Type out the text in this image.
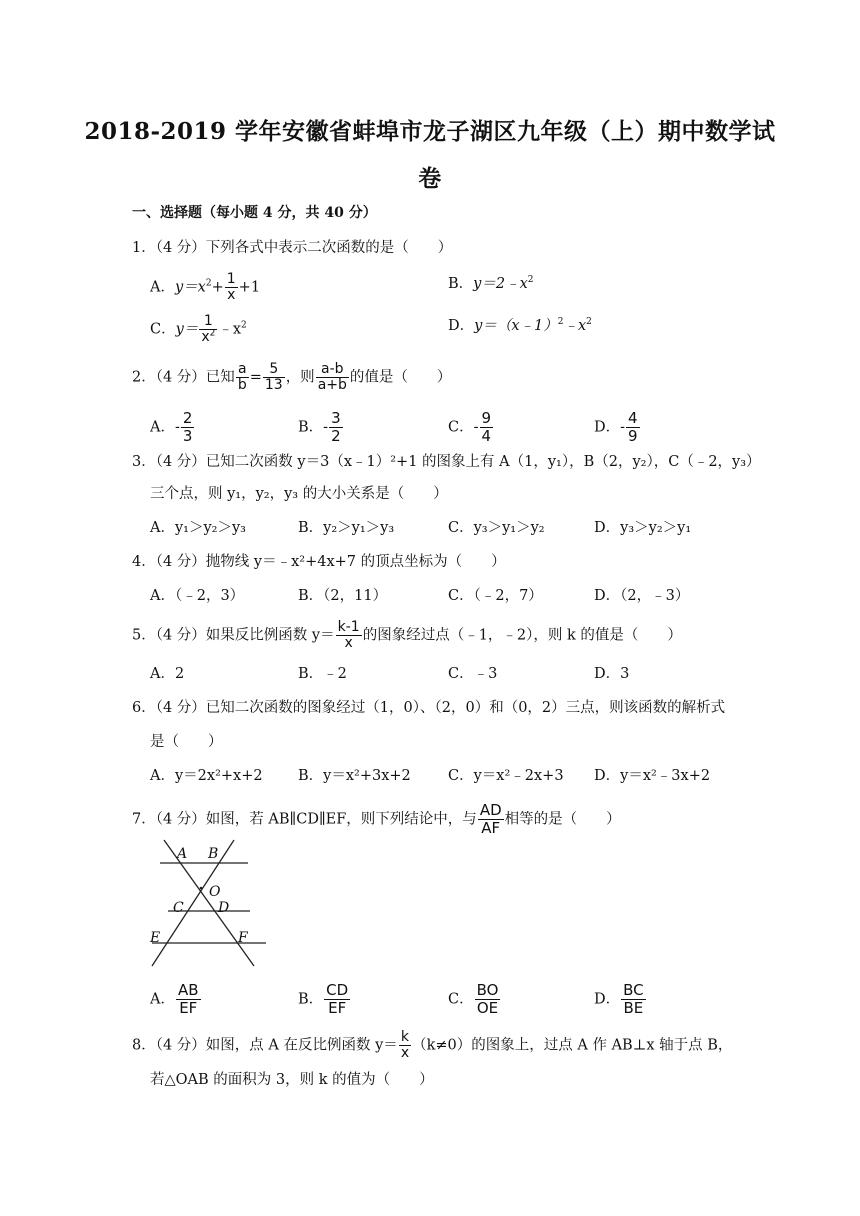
2018-2019 学年安徽省蚌埠市龙子湖区九年级（上）期中数学试
卷
一、选择题（每小题 4 分，共 40 分）
1．（4 分）下列各式中表示二次函数的是（　　）
A．$y=x^2+ \frac{1}{x} +1$	B．$y=2﹣x^2$
C．$y= \frac{1}{x^2}$ $﹣x^2$	D．$y=(x﹣1)^2﹣x^2$
2．（4 分）已知 $\frac{a}{b} = \frac{5}{13}$ ，则 $\frac{a-b}{a+b}$ 的值是（　　）
A．- $\frac{2}{3}$	B．- $\frac{3}{2}$	C．- $\frac{9}{4}$	D．- $\frac{4}{9}$
3．（4 分）已知二次函数 y＝3（x﹣1）²+1 的图象上有 A（1，y₁），B（2，y₂），C（﹣2，y₃）
三个点，则 y₁，y₂，y₃ 的大小关系是（　　）
A．y₁＞y₂＞y₃	B．y₂＞y₁＞y₃	C．y₃＞y₁＞y₂	D．y₃＞y₂＞y₁
4．（4 分）抛物线 y＝﹣x²+4x+7 的顶点坐标为（　　）
A．（﹣2，3）	B．（2，11）	C．（﹣2，7）	D．（2，﹣3）
5．（4 分）如果反比例函数 $y= \frac{k-1}{x}$ 的图象经过点（﹣1，﹣2），则 k 的值是（　　）
A．2	B．﹣2	C．﹣3	D．3
6．（4 分）已知二次函数的图象经过（1，0）、（2，0）和（0，2）三点，则该函数的解析式
是（　　）
A．y＝2x²+x+2 B．y＝x²+3x+2	C．y＝x²﹣2x+3 D．y＝x²﹣3x+2
7．（4 分）如图，若 AB∥CD∥EF，则下列结论中，与 $\frac{AD}{AF}$ 相等的是（　　）
A B
O
C D
E	F
A． $\frac{AB}{EF}$	B． $\frac{CD}{EF}$	C． $\frac{BO}{OE}$	D． $\frac{BC}{BE}$
8．（4 分）如图，点 A 在反比例函数 $y= \frac{k}{x} (k\ne 0)$的图象上，过点 A 作 AB⊥x 轴于点 B，
若△OAB 的面积为 3，则 k 的值为（　　）
